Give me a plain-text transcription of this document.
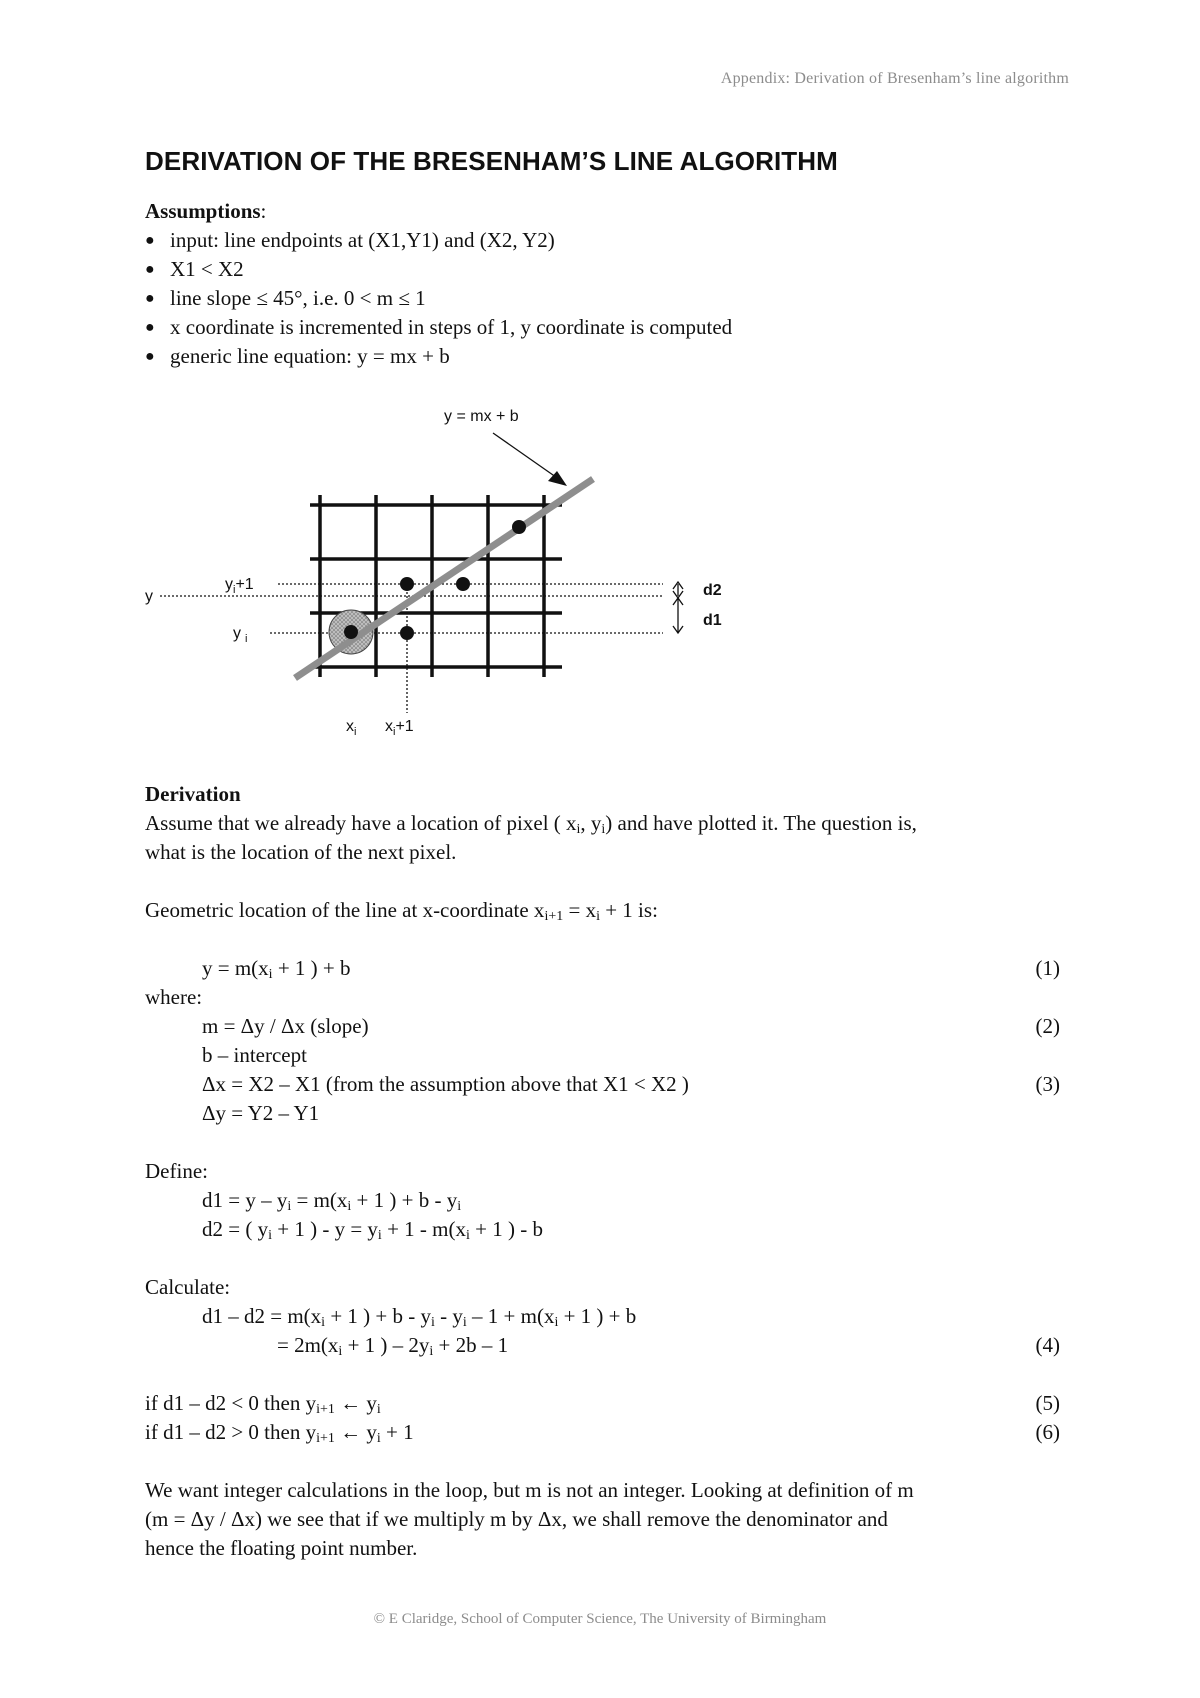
Appendix: Derivation of Bresenham’s line algorithm
DERIVATION OF THE BRESENHAM’S LINE ALGORITHM

Assumptions:

● input: line endpoints at (X1,Y1) and (X2, Y2)
● X1 < X2
● line slope ≤ 45°, i.e. 0 < m ≤ 1
● x coordinate is incremented in steps of 1, y coordinate is computed
● generic line equation: y = mx + b
y = mx + b
y
$y_i+1$
y $_i$
$x_i$ $x_i+1$
d2
d1

Derivation

Assume that we already have a location of pixel ( $x_i$, $y_i$) and have plotted it. The question is,

what is the location of the next pixel.

Geometric location of the line at x-coordinate $x_{i+1} = x_i + 1$ is:

$y = m(x_i + 1$ ) + b	(1)

where:

m = Δy / Δx (slope)	(2)

b – intercept

Δx = X2 – X1 (from the assumption above that X1 < X2 )	(3)

Δy = Y2 – Y1

Define:

$d1 = y - y_i = m(x_i + 1$ ) + b - $y_i$

d2 = ( $y_i + 1$ ) - $y = y_i + 1 - m(x_i + 1$ ) - b

Calculate:

$d1 - d2 = m(x_i + 1$ ) + $b - y_i - y_i - 1 + m(x_i + 1$ ) + b

= $2m(x_i + 1$ ) – $2y_i + 2b - 1$	(4)
if d1 – d2 < 0 then $y_{i+1}$ ← $y_i$	(5)
if d1 – d2 > 0 then $y_{i+1}$ ← $y_i + 1$	(6)

We want integer calculations in the loop, but m is not an integer. Looking at definition of m

(m = Δy / Δx) we see that if we multiply m by Δx, we shall remove the denominator and

hence the floating point number.

© E Claridge, School of Computer Science, The University of Birmingham
